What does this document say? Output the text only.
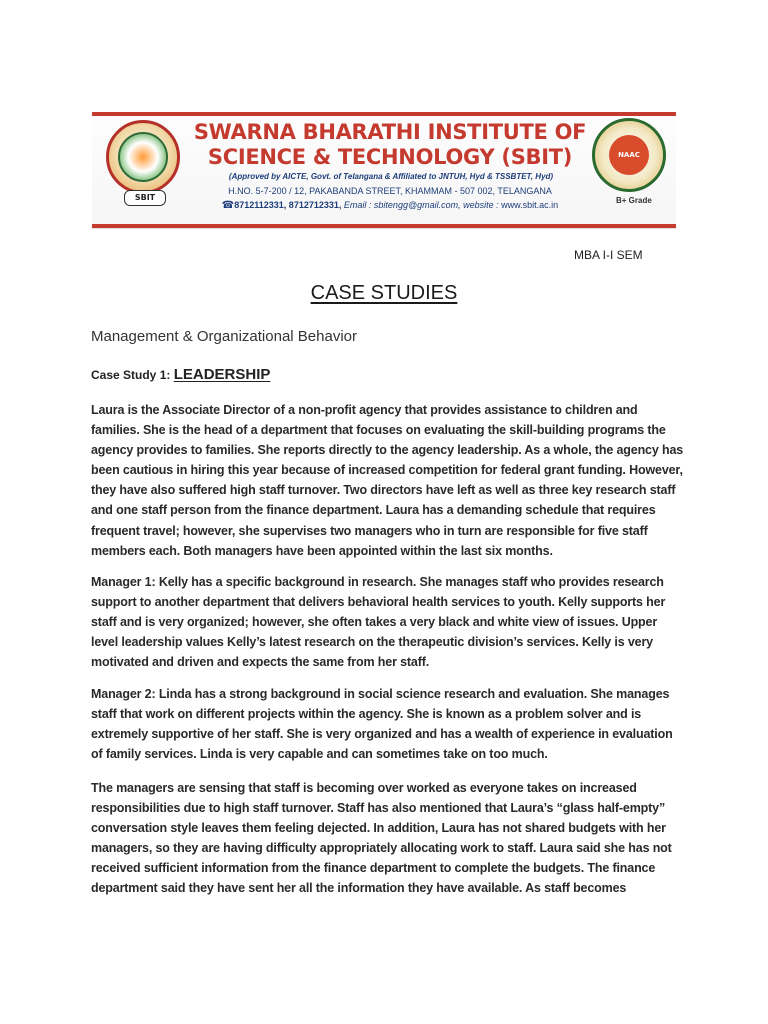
SBIT
SWARNA BHARATHI INSTITUTE OF
SCIENCE & TECHNOLOGY (SBIT)
(Approved by AICTE, Govt. of Telangana & Affiliated to JNTUH, Hyd & TSSBTET, Hyd)
H.NO. 5-7-200 / 12, PAKABANDA STREET, KHAMMAM - 507 002, TELANGANA
☎8712112331, 8712712331, Email : sbitengg@gmail.com, website : www.sbit.ac.in
NAAC
B+ Grade
MBA I-I SEM
CASE STUDIES
Management & Organizational Behavior
Case Study 1: LEADERSHIP
Laura is the Associate Director of a non-profit agency that provides assistance to children and
families. She is the head of a department that focuses on evaluating the skill-building programs the
agency provides to families. She reports directly to the agency leadership. As a whole, the agency has
been cautious in hiring this year because of increased competition for federal grant funding. However,
they have also suffered high staff turnover. Two directors have left as well as three key research staff
and one staff person from the finance department. Laura has a demanding schedule that requires
frequent travel; however, she supervises two managers who in turn are responsible for five staff
members each. Both managers have been appointed within the last six months.
Manager 1: Kelly has a specific background in research. She manages staff who provides research
support to another department that delivers behavioral health services to youth. Kelly supports her
staff and is very organized; however, she often takes a very black and white view of issues. Upper
level leadership values Kelly’s latest research on the therapeutic division’s services. Kelly is very
motivated and driven and expects the same from her staff.
Manager 2: Linda has a strong background in social science research and evaluation. She manages
staff that work on different projects within the agency. She is known as a problem solver and is
extremely supportive of her staff. She is very organized and has a wealth of experience in evaluation
of family services. Linda is very capable and can sometimes take on too much.
The managers are sensing that staff is becoming over worked as everyone takes on increased
responsibilities due to high staff turnover. Staff has also mentioned that Laura’s “glass half-empty”
conversation style leaves them feeling dejected. In addition, Laura has not shared budgets with her
managers, so they are having difficulty appropriately allocating work to staff. Laura said she has not
received sufficient information from the finance department to complete the budgets. The finance
department said they have sent her all the information they have available. As staff becomes
